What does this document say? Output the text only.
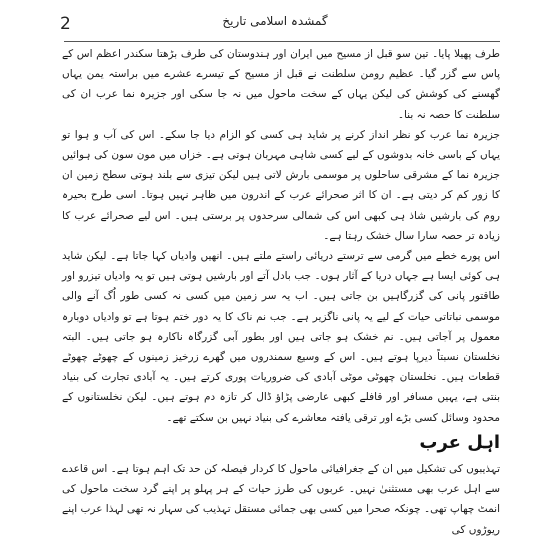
2	گمشدہ اسلامی تاریخ

طرف پھیلا پایا۔ تین سو قبل از مسیح میں ایران اور ہندوستان کی طرف بڑھتا سکندر اعظم اس کے پاس سے گزر گیا۔ عظیم رومن سلطنت نے قبل از مسیح کے تیسرے عشرے میں براستہ یمن یہاں گھسنے کی کوشش کی لیکن یہاں کے سخت ماحول میں نہ جا سکی اور جزیرہ نما عرب ان کی سلطنت کا حصہ نہ بنا۔

جزیرہ نما عرب کو نظر انداز کرنے پر شاید ہی کسی کو الزام دیا جا سکے۔ اس کی آب و ہوا تو یہاں کے باسی خانہ بدوشوں کے لیے کسی شاہی مہربان ہوتی ہے۔ خزاں میں مون سون کی ہوائیں جزیرہ نما کے مشرقی ساحلوں پر موسمی بارش لاتی ہیں لیکن تیزی سے بلند ہوتی سطح زمین ان کا زور کم کر دیتی ہے۔ ان کا اثر صحرائے عرب کے اندرون میں ظاہر نہیں ہوتا۔ اسی طرح بحیرہ روم کی بارشیں شاذ ہی کبھی اس کی شمالی سرحدوں پر برستی ہیں۔ اس لیے صحرائے عرب کا زیادہ تر حصہ سارا سال خشک رہتا ہے۔

اس پورے خطے میں گرمی سے ترستے دریائی راستے ملتے ہیں۔ انھیں وادیاں کہا جاتا ہے۔ لیکن شاید ہی کوئی ایسا ہے جہاں دریا کے آثار ہوں۔ جب بادل آتے اور بارشیں ہوتی ہیں تو یہ وادیاں تیزرو اور طاقتور پانی کی گزرگاہیں بن جاتی ہیں۔ اب یہ سر زمین میں کسی نہ کسی طور اُگ آنے والی موسمی نباتاتی حیات کے لیے یہ پانی ناگزیر ہے۔ جب نم ناک کا یہ دور ختم ہوتا ہے تو وادیاں دوبارہ معمول پر آجاتی ہیں۔ نم خشک ہو جاتی ہیں اور بطور آبی گزرگاہ ناکارہ ہو جاتی ہیں۔ البتہ نخلستان نسبتاً دیرپا ہوتے ہیں۔ اس کے وسیع سمندروں میں گھرے زرخیز زمینوں کے چھوٹے چھوٹے قطعات ہیں۔ نخلستان چھوٹی موٹی آبادی کی ضروریات پوری کرتے ہیں۔ یہ آبادی تجارت کی بنیاد بنتی ہے، یہیں مسافر اور قافلے کبھی عارضی پڑاؤ ڈال کر تازہ دم ہوتے ہیں۔ لیکن نخلستانوں کے محدود وسائل کسی بڑے اور ترقی یافتہ معاشرے کی بنیاد نہیں بن سکتے تھے۔

اہل عرب

تہذیبوں کی تشکیل میں ان کے جغرافیائی ماحول کا کردار فیصلہ کن حد تک اہم ہوتا ہے۔ اس قاعدے سے اہل عرب بھی مستثنیٰ نہیں۔ عربوں کی طرز حیات کے ہر پہلو پر اپنے گرد سخت ماحول کی انمٹ چھاپ تھی۔ چونکہ صحرا میں کسی بھی جمائی مستقل تہذیب کی سہار نہ تھی لہذا عرب اپنے ریوڑوں کی
